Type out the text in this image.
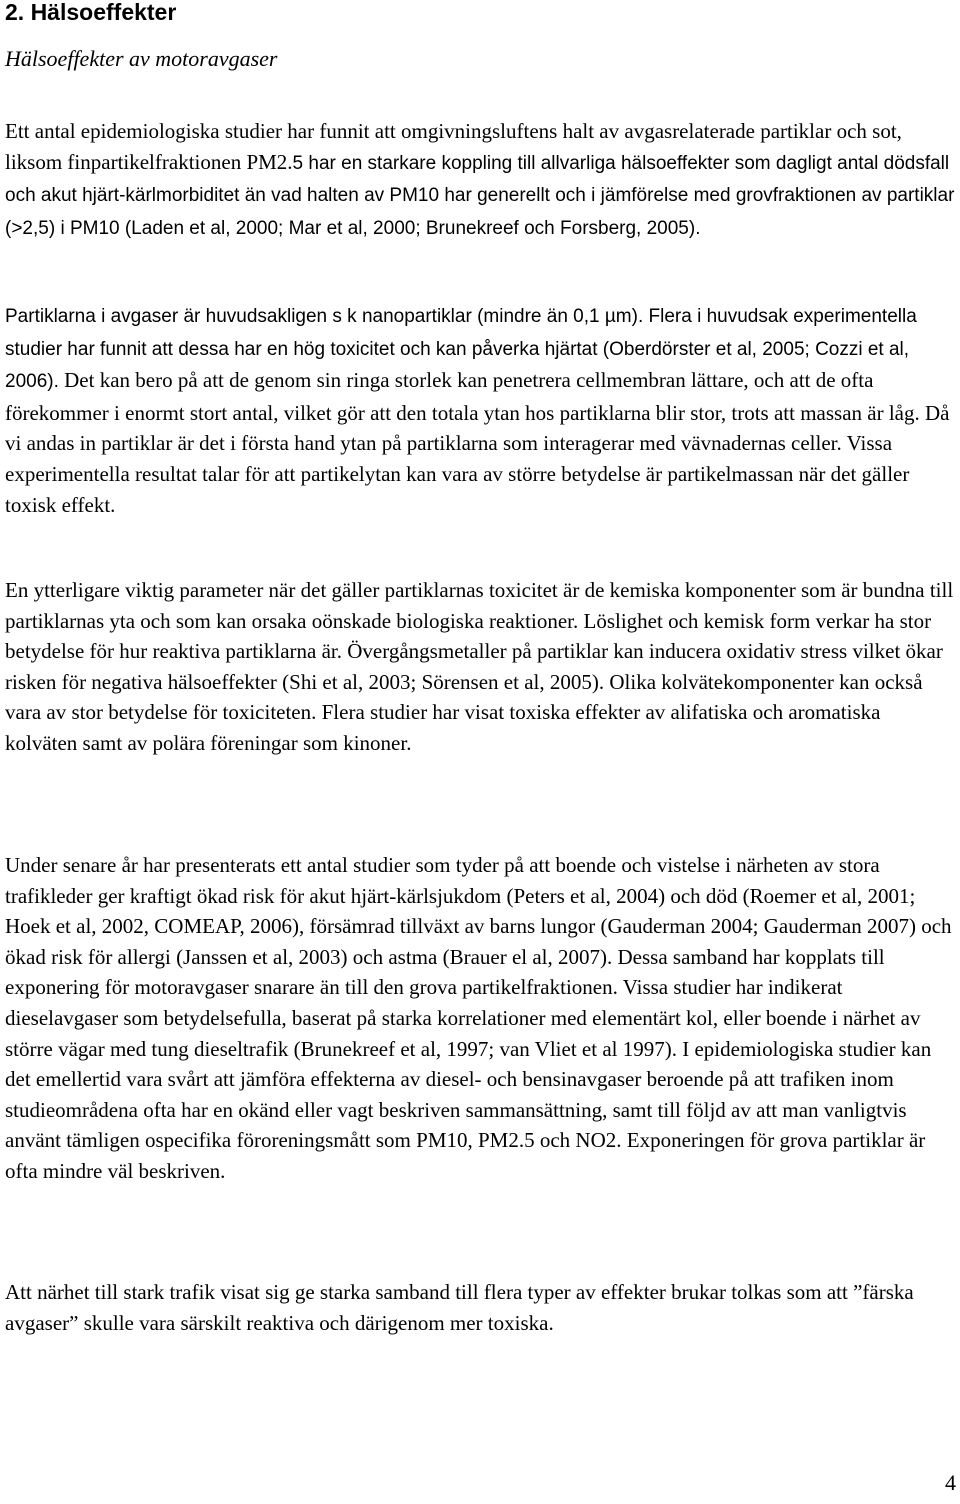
2. Hälsoeffekter
Hälsoeffekter av motoravgaser

Ett antal epidemiologiska studier har funnit att omgivningsluftens halt av avgasrelaterade partiklar och sot, liksom finpartikelfraktionen PM2.5 har en starkare koppling till allvarliga hälsoeffekter som dagligt antal dödsfall och akut hjärt-kärlmorbiditet än vad halten av PM10 har generellt och i jämförelse med grovfraktionen av partiklar (>2,5) i PM10 (Laden et al, 2000; Mar et al, 2000; Brunekreef och Forsberg, 2005).

Partiklarna i avgaser är huvudsakligen s k nanopartiklar (mindre än 0,1 µm). Flera i huvudsak experimentella studier har funnit att dessa har en hög toxicitet och kan påverka hjärtat (Oberdörster et al, 2005; Cozzi et al, 2006). Det kan bero på att de genom sin ringa storlek kan penetrera cellmembran lättare, och att de ofta förekommer i enormt stort antal, vilket gör att den totala ytan hos partiklarna blir stor, trots att massan är låg. Då vi andas in partiklar är det i första hand ytan på partiklarna som interagerar med vävnadernas celler. Vissa experimentella resultat talar för att partikelytan kan vara av större betydelse är partikelmassan när det gäller toxisk effekt.

En ytterligare viktig parameter när det gäller partiklarnas toxicitet är de kemiska komponenter som är bundna till partiklarnas yta och som kan orsaka oönskade biologiska reaktioner. Löslighet och kemisk form verkar ha stor betydelse för hur reaktiva partiklarna är. Övergångsmetaller på partiklar kan inducera oxidativ stress vilket ökar risken för negativa hälsoeffekter (Shi et al, 2003; Sörensen et al, 2005). Olika kolvätekomponenter kan också vara av stor betydelse för toxiciteten. Flera studier har visat toxiska effekter av alifatiska och aromatiska kolväten samt av polära föreningar som kinoner.

Under senare år har presenterats ett antal studier som tyder på att boende och vistelse i närheten av stora trafikleder ger kraftigt ökad risk för akut hjärt-kärlsjukdom (Peters et al, 2004) och död (Roemer et al, 2001; Hoek et al, 2002, COMEAP, 2006), försämrad tillväxt av barns lungor (Gauderman 2004; Gauderman 2007) och ökad risk för allergi (Janssen et al, 2003) och astma (Brauer el al, 2007). Dessa samband har kopplats till exponering för motoravgaser snarare än till den grova partikelfraktionen. Vissa studier har indikerat dieselavgaser som betydelsefulla, baserat på starka korrelationer med elementärt kol, eller boende i närhet av större vägar med tung dieseltrafik (Brunekreef et al, 1997; van Vliet et al 1997). I epidemiologiska studier kan det emellertid vara svårt att jämföra effekterna av diesel- och bensinavgaser beroende på att trafiken inom studieområdena ofta har en okänd eller vagt beskriven sammansättning, samt till följd av att man vanligtvis använt tämligen ospecifika föroreningsmått som PM10, PM2.5 och NO2. Exponeringen för grova partiklar är ofta mindre väl beskriven.

Att närhet till stark trafik visat sig ge starka samband till flera typer av effekter brukar tolkas som att ”färska avgaser” skulle vara särskilt reaktiva och därigenom mer toxiska.

4
